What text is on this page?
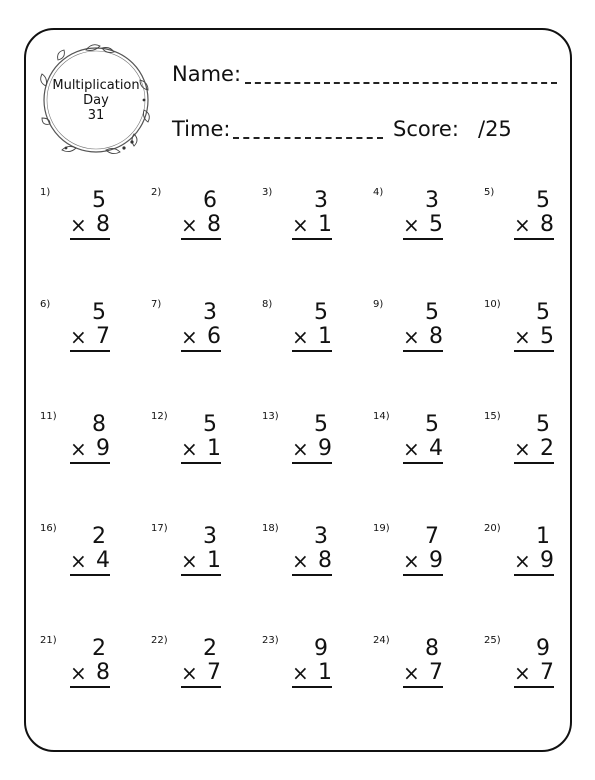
Multiplication
Day
31
Name:
Time:	Score: /25
1) 5
× 8
2) 6
× 8
3) 3
× 1
4) 3
× 5
5) 5
× 8
6) 5
× 7
7) 3
× 6
8) 5
× 1
9) 5
× 8
10) 5
× 5
11) 8
× 9
12) 5
× 1
13) 5
× 9
14) 5
× 4
15) 5
× 2
16) 2
× 4
17) 3
× 1
18) 3
× 8
19) 7
× 9
20) 1
× 9
21) 2
× 8
22) 2
× 7
23) 9
× 1
24) 8
× 7
25) 9
× 7
